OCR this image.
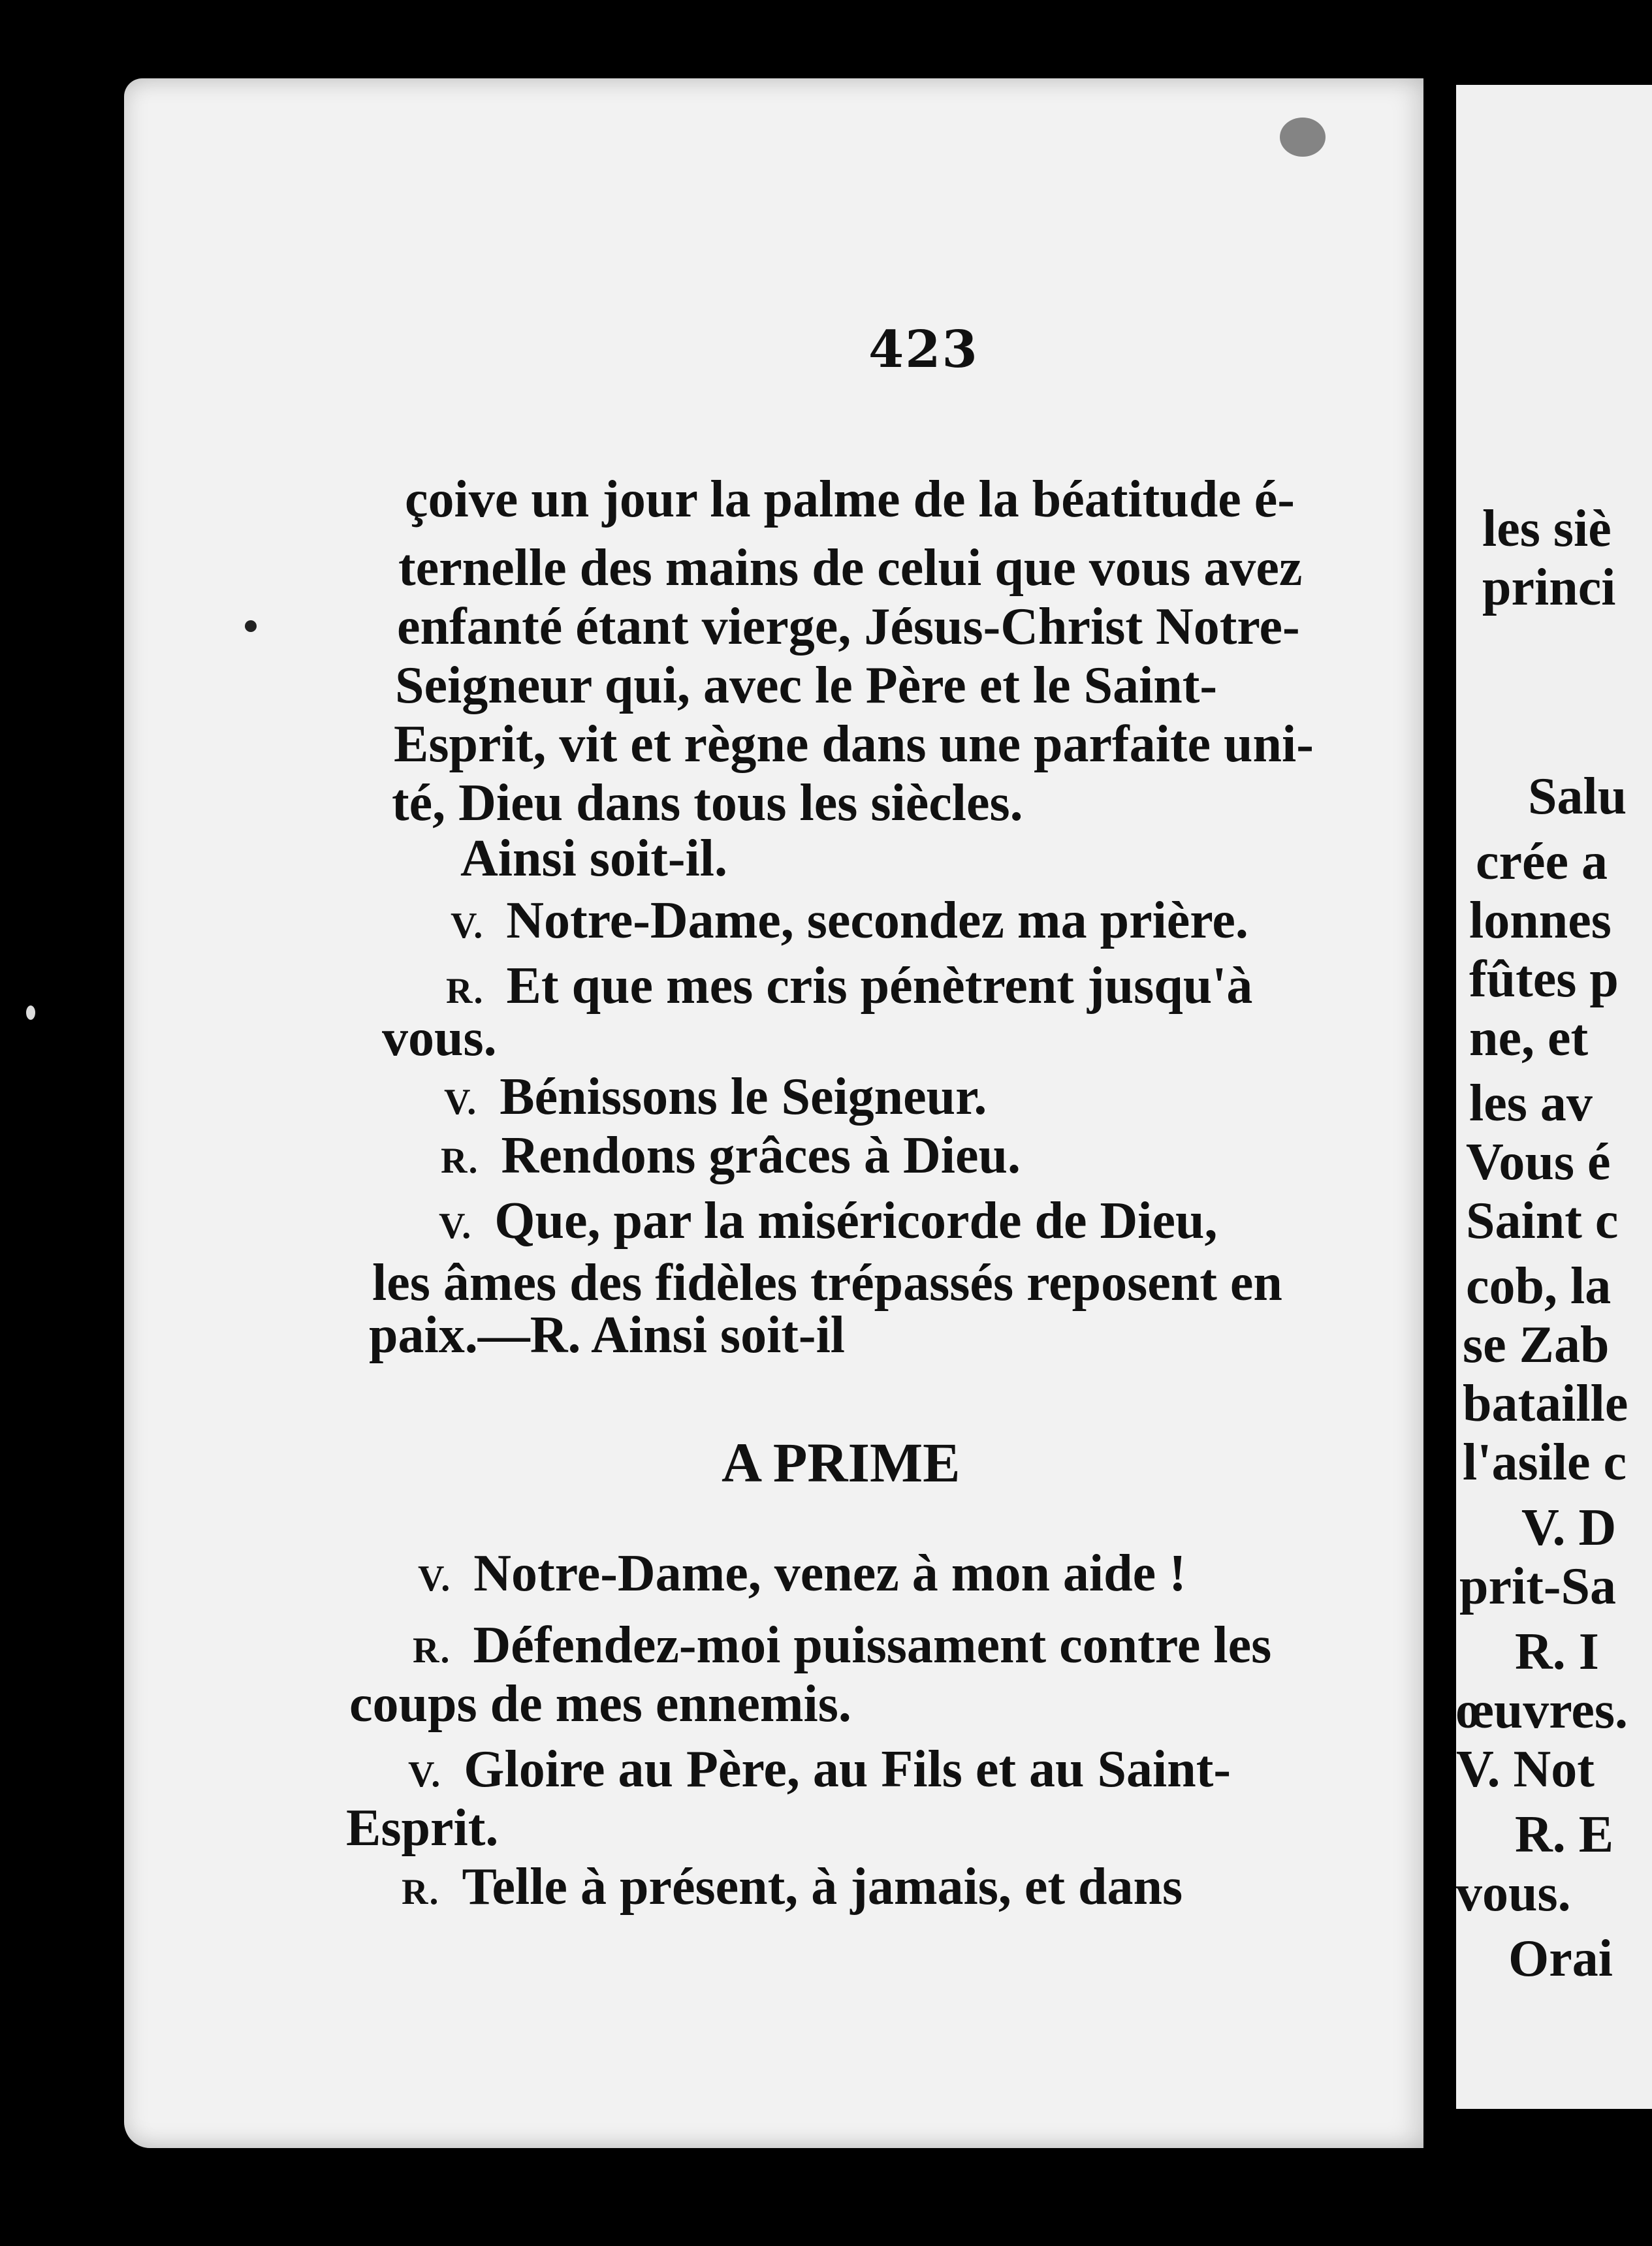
423
çoive un jour la palme de la béatitude é-
ternelle des mains de celui que vous avez
enfanté étant vierge, Jésus-Christ Notre-
Seigneur qui, avec le Père et le Saint-
Esprit, vit et règne dans une parfaite uni-
té, Dieu dans tous les siècles.
Ainsi soit-il.
V. Notre-Dame, secondez ma prière.
R. Et que mes cris pénètrent jusqu'à
vous.
V. Bénissons le Seigneur.
R. Rendons grâces à Dieu.
V. Que, par la miséricorde de Dieu,
les âmes des fidèles trépassés reposent en
paix.—R. Ainsi soit-il
A PRIME
V. Notre-Dame, venez à mon aide !
R. Défendez-moi puissament contre les
coups de mes ennemis.
V. Gloire au Père, au Fils et au Saint-
Esprit.
R. Telle à présent, à jamais, et dans
les siè
princi
Salu
crée a
lonnes
fûtes p
ne, et
les av
Vous é
Saint c
cob, la
se Zab
bataille
l'asile c
V. D
prit-Sa
R. I
œuvres.
V. Not
R. E
vous.
Orai
